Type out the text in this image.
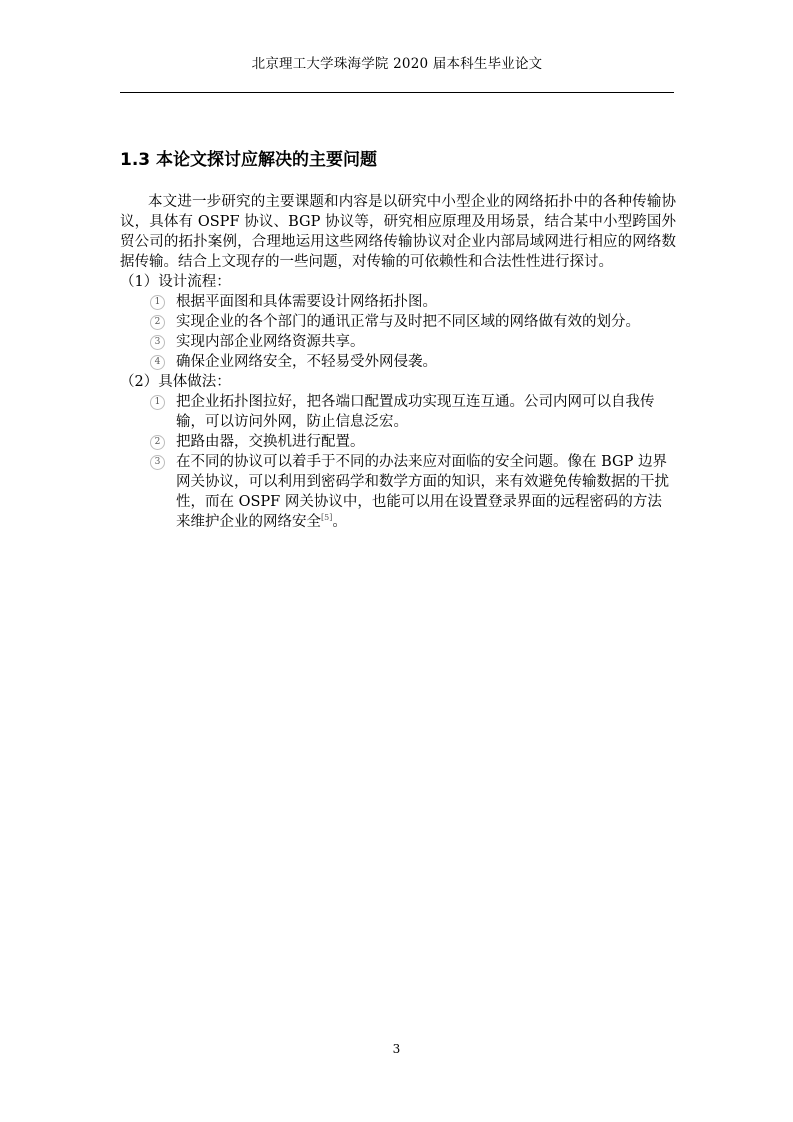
北京理工大学珠海学院 2020 届本科生毕业论文
1.3 本论文探讨应解决的主要问题

本文进一步研究的主要课题和内容是以研究中小型企业的网络拓扑中的各种传输协议，具体有 OSPF 协议、BGP 协议等，研究相应原理及用场景，结合某中小型跨国外贸公司的拓扑案例，合理地运用这些网络传输协议对企业内部局域网进行相应的网络数据传输。结合上文现存的一些问题，对传输的可依赖性和合法性性进行探讨。

（1）设计流程：

1	根据平面图和具体需要设计网络拓扑图。

2	实现企业的各个部门的通讯正常与及时把不同区域的网络做有效的划分。

3	实现内部企业网络资源共享。

4	确保企业网络安全，不轻易受外网侵袭。

（2）具体做法：

1	把企业拓扑图拉好，把各端口配置成功实现互连互通。公司内网可以自我传输，可以访问外网，防止信息泛宏。

2	把路由器，交换机进行配置。

3	在不同的协议可以着手于不同的办法来应对面临的安全问题。像在 BGP 边界网关协议，可以利用到密码学和数学方面的知识，来有效避免传输数据的干扰性，而在 OSPF 网关协议中，也能可以用在设置登录界面的远程密码的方法来维护企业的网络安全[5]。

3
